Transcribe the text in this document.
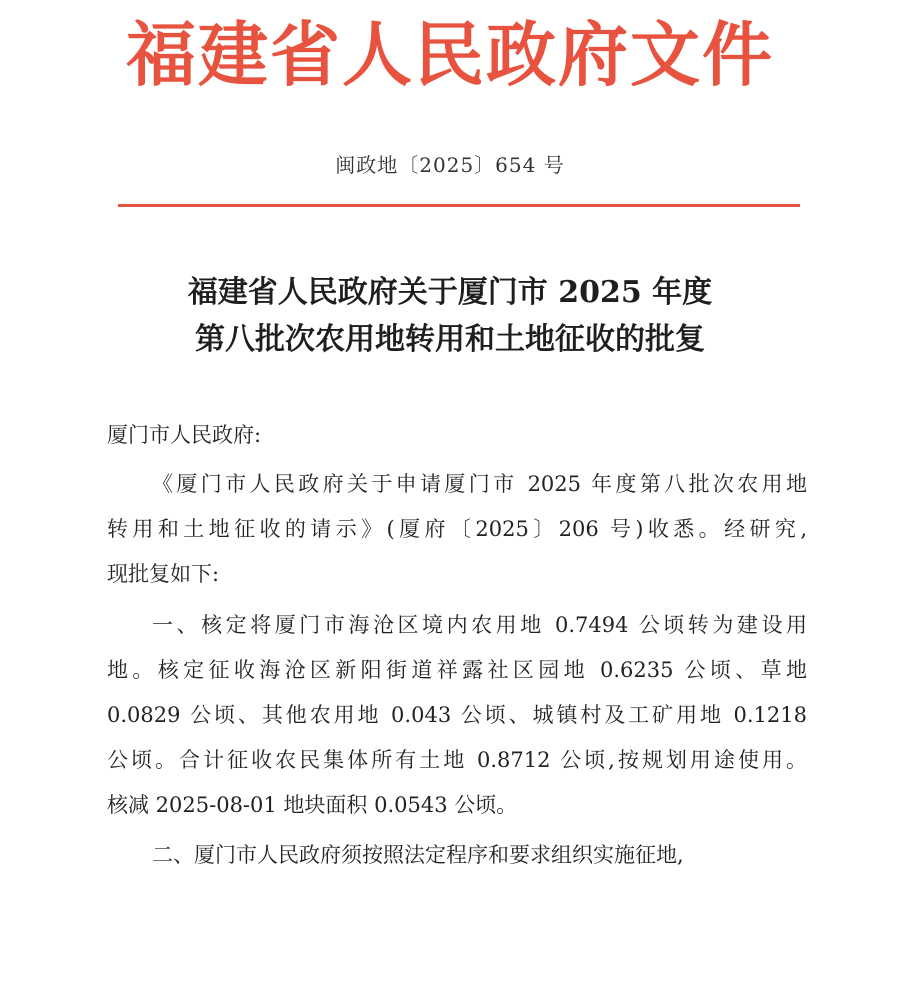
福建省人民政府文件
闽政地〔2025〕654 号
福建省人民政府关于厦门市 2025 年度
第八批次农用地转用和土地征收的批复
厦门市人民政府:
《厦门市人民政府关于申请厦门市 2025 年度第八批次农用地
转用和土地征收的请示》(厦府〔2025〕206 号)收悉。经研究,
现批复如下:
一、核定将厦门市海沧区境内农用地 0.7494 公顷转为建设用
地。核定征收海沧区新阳街道祥露社区园地 0.6235 公顷、草地
0.0829 公顷、其他农用地 0.043 公顷、城镇村及工矿用地 0.1218
公顷。合计征收农民集体所有土地 0.8712 公顷,按规划用途使用。
核减 2025-08-01 地块面积 0.0543 公顷。
二、厦门市人民政府须按照法定程序和要求组织实施征地,
